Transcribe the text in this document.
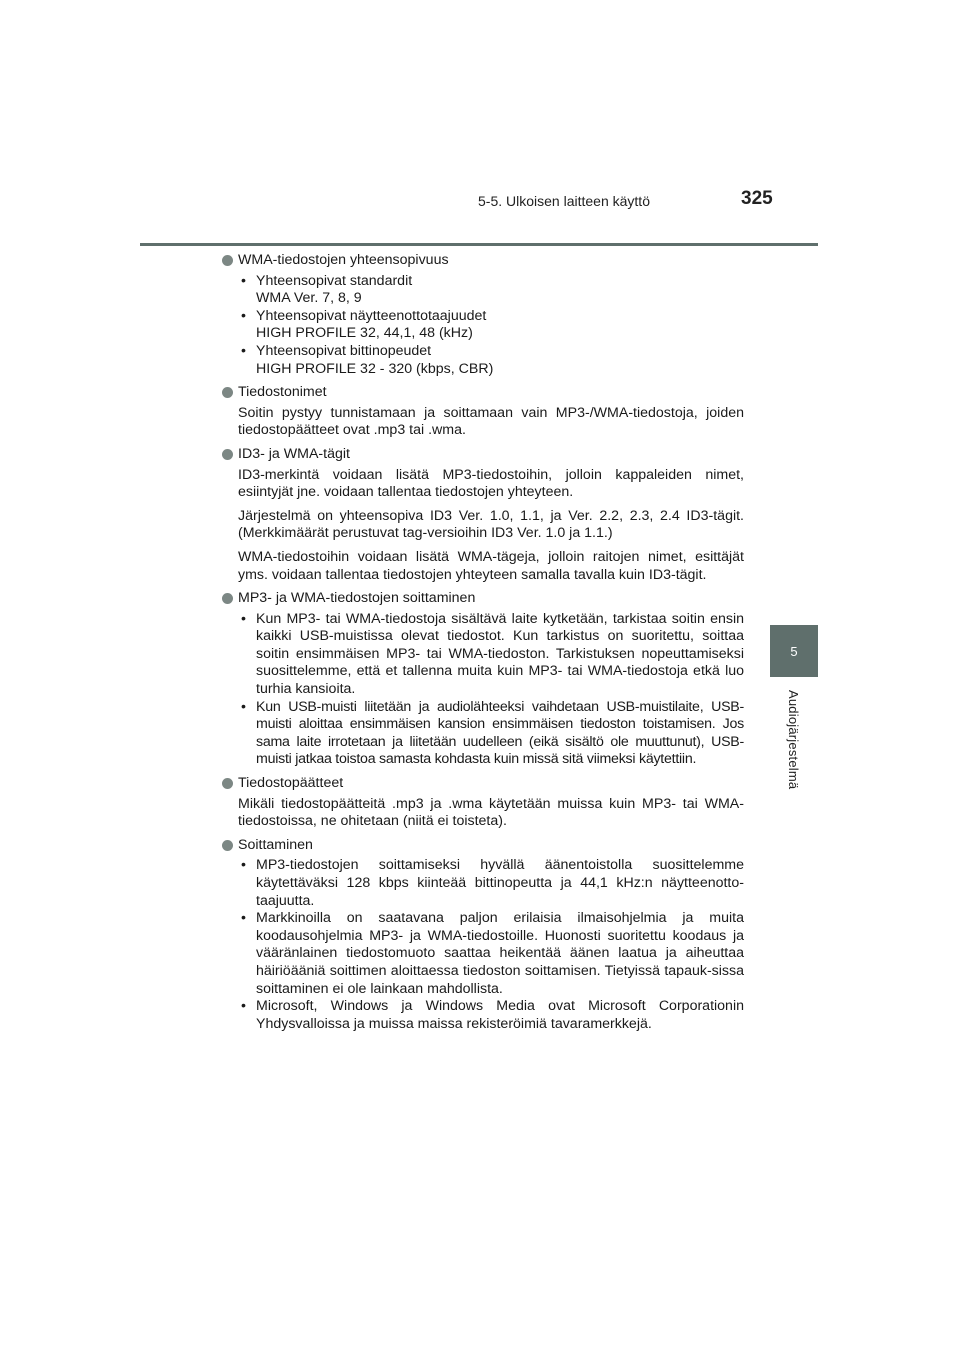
5-5. Ulkoisen laitteen käyttö	325
5
Audiojärjestelmä
WMA-tiedostojen yhteensopivuus
• Yhteensopivat standardit
WMA Ver. 7, 8, 9
• Yhteensopivat näytteenottotaajuudet
HIGH PROFILE 32, 44,1, 48 (kHz)
• Yhteensopivat bittinopeudet
HIGH PROFILE 32 - 320 (kbps, CBR)
Tiedostonimet

Soitin pystyy tunnistamaan ja soittamaan vain MP3-/WMA-tiedostoja, joiden tiedostopäätteet ovat .mp3 tai .wma.

ID3- ja WMA-tägit

ID3-merkintä voidaan lisätä MP3-tiedostoihin, jolloin kappaleiden nimet, esiintyjät jne. voidaan tallentaa tiedostojen yhteyteen.

Järjestelmä on yhteensopiva ID3 Ver. 1.0, 1.1, ja Ver. 2.2, 2.3, 2.4 ID3-tägit. (Merkkimäärät perustuvat tag-versioihin ID3 Ver. 1.0 ja 1.1.)

WMA-tiedostoihin voidaan lisätä WMA-tägeja, jolloin raitojen nimet, esittäjät yms. voidaan tallentaa tiedostojen yhteyteen samalla tavalla kuin ID3-tägit.

MP3- ja WMA-tiedostojen soittaminen
• Kun MP3- tai WMA-tiedostoja sisältävä laite kytketään, tarkistaa soitin ensin kaikki USB-muistissa olevat tiedostot. Kun tarkistus on suoritettu, soittaa soitin ensimmäisen MP3- tai WMA-tiedoston. Tarkistuksen nopeuttamiseksi suosittelemme, että et tallenna muita kuin MP3- tai WMA-tiedostoja etkä luo turhia kansioita.
• Kun USB-muisti liitetään ja audiolähteeksi vaihdetaan USB-muistilaite, USB-muisti aloittaa ensimmäisen kansion ensimmäisen tiedoston toistamisen. Jos sama laite irrotetaan ja liitetään uudelleen (eikä sisältö ole muuttunut), USB-muisti jatkaa toistoa samasta kohdasta kuin missä sitä viimeksi käytettiin.
Tiedostopäätteet

Mikäli tiedostopäätteitä .mp3 ja .wma käytetään muissa kuin MP3- tai WMA-tiedostoissa, ne ohitetaan (niitä ei toisteta).

Soittaminen
• MP3-tiedostojen soittamiseksi hyvällä äänentoistolla suosittelemme käytettäväksi 128 kbps kiinteää bittinopeutta ja 44,1 kHz:n näytteenotto-taajuutta.
• Markkinoilla on saatavana paljon erilaisia ilmaisohjelmia ja muita koodausohjelmia MP3- ja WMA-tiedostoille. Huonosti suoritettu koodaus ja vääränlainen tiedostomuoto saattaa heikentää äänen laatua ja aiheuttaa häiriöääniä soittimen aloittaessa tiedoston soittamisen. Tietyissä tapauk-sissa soittaminen ei ole lainkaan mahdollista.
• Microsoft, Windows ja Windows Media ovat Microsoft Corporationin Yhdysvalloissa ja muissa maissa rekisteröimiä tavaramerkkejä.
